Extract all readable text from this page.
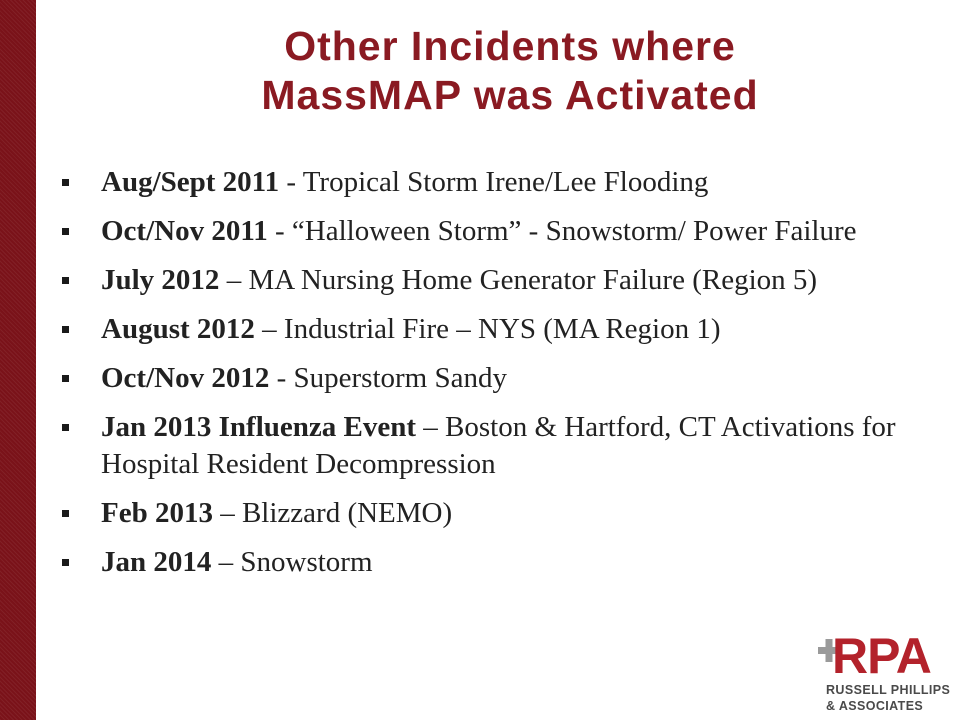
Other Incidents where
MassMAP was Activated
Aug/Sept 2011 - Tropical Storm Irene/Lee Flooding
Oct/Nov 2011 - “Halloween Storm” - Snowstorm/ Power Failure
July 2012 – MA Nursing Home Generator Failure (Region 5)
August 2012 – Industrial Fire – NYS (MA Region 1)
Oct/Nov 2012 - Superstorm Sandy
Jan 2013 Influenza Event – Boston & Hartford, CT Activations for Hospital Resident Decompression
Feb 2013 – Blizzard (NEMO)
Jan 2014 – Snowstorm
RPA
RUSSELL PHILLIPS
& ASSOCIATES
